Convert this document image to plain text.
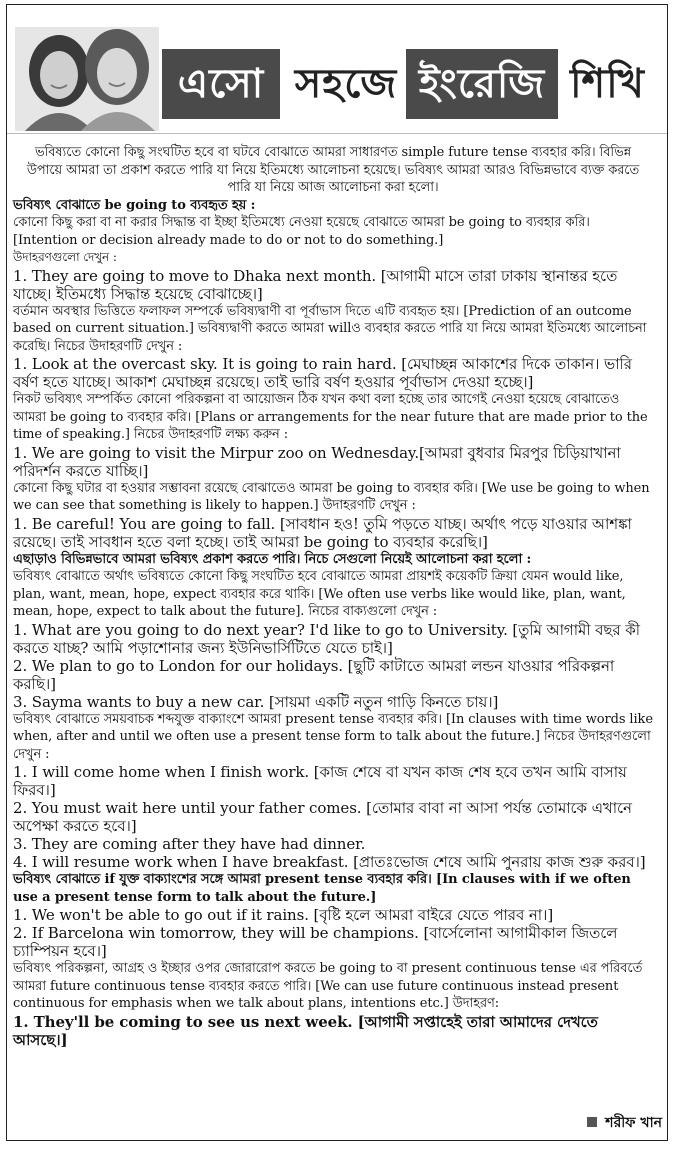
এসো সহজে ইংরেজি শিখি

ভবিষ্যতে কোনো কিছু সংঘটিত হবে বা ঘটবে বোঝাতে আমরা সাধারণত simple future tense ব্যবহার করি। বিভিন্ন উপায়ে আমরা তা প্রকাশ করতে পারি যা নিয়ে ইতিমধ্যে আলোচনা হয়েছে। ভবিষ্যৎ আমরা আরও বিভিন্নভাবে ব্যক্ত করতে পারি যা নিয়ে আজ আলোচনা করা হলো।

ভবিষ্যৎ বোঝাতে be going to ব্যবহৃত হয় :

কোনো কিছু করা বা না করার সিদ্ধান্ত বা ইচ্ছা ইতিমধ্যে নেওয়া হয়েছে বোঝাতে আমরা be going to ব্যবহার করি। [Intention or decision already made to do or not to do something.]

উদাহরণগুলো দেখুন :

1. They are going to move to Dhaka next month. [আগামী মাসে তারা ঢাকায় স্থানান্তর হতে যাচ্ছে। ইতিমধ্যে সিদ্ধান্ত হয়েছে বোঝাচ্ছে।]

বর্তমান অবস্থার ভিত্তিতে ফলাফল সম্পর্কে ভবিষ্যদ্বাণী বা পূর্বাভাস দিতে এটি ব্যবহৃত হয়। [Prediction of an outcome based on current situation.] ভবিষ্যদ্বাণী করতে আমরা willও ব্যবহার করতে পারি যা নিয়ে আমরা ইতিমধ্যে আলোচনা করেছি। নিচের উদাহরণটি দেখুন :

1. Look at the overcast sky. It is going to rain hard. [মেঘাচ্ছন্ন আকাশের দিকে তাকান। ভারি বর্ষণ হতে যাচ্ছে। আকাশ মেঘাচ্ছন্ন রয়েছে। তাই ভারি বর্ষণ হওয়ার পূর্বাভাস দেওয়া হচ্ছে।]

নিকট ভবিষ্যৎ সম্পর্কিত কোনো পরিকল্পনা বা আয়োজন ঠিক যখন কথা বলা হচ্ছে তার আগেই নেওয়া হয়েছে বোঝাতেও আমরা be going to ব্যবহার করি। [Plans or arrangements for the near future that are made prior to the time of speaking.] নিচের উদাহরণটি লক্ষ্য করুন :

1. We are going to visit the Mirpur zoo on Wednesday.[আমরা বুধবার মিরপুর চিড়িয়াখানা পরিদর্শন করতে যাচ্ছি।]

কোনো কিছু ঘটার বা হওয়ার সম্ভাবনা রয়েছে বোঝাতেও আমরা be going to ব্যবহার করি। [We use be going to when we can see that something is likely to happen.] উদাহরণটি দেখুন :

1. Be careful! You are going to fall. [সাবধান হও! তুমি পড়তে যাচ্ছ। অর্থাৎ পড়ে যাওয়ার আশঙ্কা রয়েছে। তাই সাবধান হতে বলা হচ্ছে। তাই আমরা be going to ব্যবহার করেছি।]

এছাড়াও বিভিন্নভাবে আমরা ভবিষ্যৎ প্রকাশ করতে পারি। নিচে সেগুলো নিয়েই আলোচনা করা হলো :

ভবিষ্যৎ বোঝাতে অর্থাৎ ভবিষ্যতে কোনো কিছু সংঘটিত হবে বোঝাতে আমরা প্রায়শই কয়েকটি ক্রিয়া যেমন would like, plan, want, mean, hope, expect ব্যবহার করে থাকি। [We often use verbs like would like, plan, want, mean, hope, expect to talk about the future]. নিচের বাক্যগুলো দেখুন :

1. What are you going to do next year? I'd like to go to University. [তুমি আগামী বছর কী করতে যাচ্ছ? আমি পড়াশোনার জন্য ইউনিভার্সিটিতে যেতে চাই।]

2. We plan to go to London for our holidays. [ছুটি কাটাতে আমরা লন্ডন যাওয়ার পরিকল্পনা করছি।]

3. Sayma wants to buy a new car. [সায়মা একটি নতুন গাড়ি কিনতে চায়।]

ভবিষ্যৎ বোঝাতে সময়বাচক শব্দযুক্ত বাক্যাংশে আমরা present tense ব্যবহার করি। [In clauses with time words like when, after and until we often use a present tense form to talk about the future.] নিচের উদাহরণগুলো দেখুন :

1. I will come home when I finish work. [কাজ শেষে বা যখন কাজ শেষ হবে তখন আমি বাসায় ফিরব।]

2. You must wait here until your father comes. [তোমার বাবা না আসা পর্যন্ত তোমাকে এখানে অপেক্ষা করতে হবে।]

3. They are coming after they have had dinner.

4. I will resume work when I have breakfast. [প্রাতঃভোজ শেষে আমি পুনরায় কাজ শুরু করব।]

ভবিষ্যৎ বোঝাতে if যুক্ত বাক্যাংশের সঙ্গে আমরা present tense ব্যবহার করি। [In clauses with if we often use a present tense form to talk about the future.]

1. We won't be able to go out if it rains. [বৃষ্টি হলে আমরা বাইরে যেতে পারব না।]

2. If Barcelona win tomorrow, they will be champions. [বার্সেলোনা আগামীকাল জিতলে চ্যাম্পিয়ন হবে।]

ভবিষ্যৎ পরিকল্পনা, আগ্রহ ও ইচ্ছার ওপর জোরারোপ করতে be going to বা present continuous tense এর পরিবর্তে আমরা future continuous tense ব্যবহার করতে পারি। [We can use future continuous instead present continuous for emphasis when we talk about plans, intentions etc.] উদাহরণ:

1. They'll be coming to see us next week. [আগামী সপ্তাহেই তারা আমাদের দেখতে আসছে।]

শরীফ খান
